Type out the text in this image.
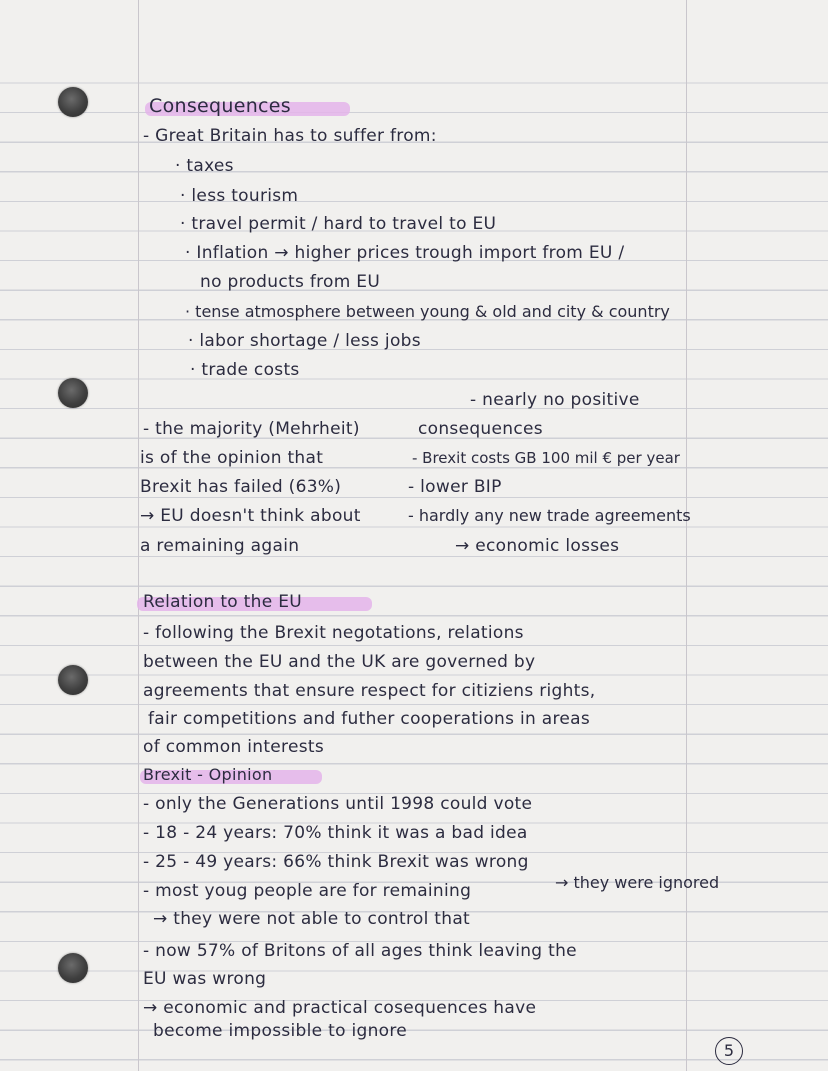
Consequences
- Great Britain has to suffer from:
· taxes
· less tourism
· travel permit / hard to travel to EU
· Inflation → higher prices trough import from EU /
no products from EU
· tense atmosphere between young & old and city & country
· labor shortage / less jobs
· trade costs
- the majority (Mehrheit)
is of the opinion that
Brexit has failed (63%)
→ EU doesn't think about
a remaining again
- nearly no positive
consequences
- Brexit costs GB 100 mil € per year
- lower BIP
- hardly any new trade agreements
→ economic losses
Relation to the EU
- following the Brexit negotations, relations
between the EU and the UK are governed by
agreements that ensure respect for citiziens rights,
fair competitions and futher cooperations in areas
of common interests
Brexit - Opinion
- only the Generations until 1998 could vote
- 18 - 24 years: 70% think it was a bad idea
- 25 - 49 years: 66% think Brexit was wrong
- most youg people are for remaining	→ they were ignored
→ they were not able to control that
- now 57% of Britons of all ages think leaving the
EU was wrong
→ economic and practical cosequences have
become impossible to ignore
5
